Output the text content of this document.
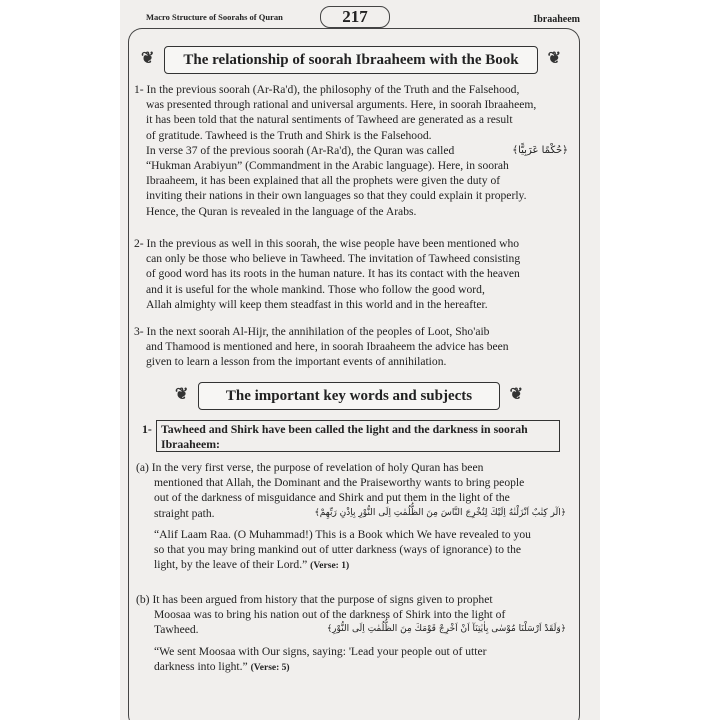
Macro Structure of Soorahs of Quran	217	Ibraaheem
❦ The relationship of soorah Ibraaheem with the Book ❦

1- In the previous soorah (Ar-Ra'd), the philosophy of the Truth and the Falsehood,

was presented through rational and universal arguments. Here, in soorah Ibraaheem,

it has been told that the natural sentiments of Tawheed are generated as a result

of gratitude. Tawheed is the Truth and Shirk is the Falsehood.

In verse 37 of the previous soorah (Ar-Ra'd), the Quran was called	﴿حُكْمًا عَرَبِيًّا﴾

“Hukman Arabiyun” (Commandment in the Arabic language). Here, in soorah

Ibraaheem, it has been explained that all the prophets were given the duty of

inviting their nations in their own languages so that they could explain it properly.

Hence, the Quran is revealed in the language of the Arabs.

2- In the previous as well in this soorah, the wise people have been mentioned who

can only be those who believe in Tawheed. The invitation of Tawheed consisting

of good word has its roots in the human nature. It has its contact with the heaven

and it is useful for the whole mankind. Those who follow the good word,

Allah almighty will keep them steadfast in this world and in the hereafter.

3- In the next soorah Al-Hijr, the annihilation of the peoples of Loot, Sho'aib

and Thamood is mentioned and here, in soorah Ibraaheem the advice has been

given to learn a lesson from the important events of annihilation.

❦ The important key words and subjects ❦
1- Tawheed and Shirk have been called the light and the darkness in soorah
Ibraaheem:

(a) In the very first verse, the purpose of revelation of holy Quran has been

mentioned that Allah, the Dominant and the Praiseworthy wants to bring people

out of the darkness of misguidance and Shirk and put them in the light of the

straight path.	﴿الٓر كِتٰبٌ اَنْزَلْنٰهُ اِلَيْكَ لِتُخْرِجَ النَّاسَ مِنَ الظُّلُمٰتِ اِلَى النُّوْرِ بِاِذْنِ رَبِّهِمْ﴾

“Alif Laam Raa. (O Muhammad!) This is a Book which We have revealed to you

so that you may bring mankind out of utter darkness (ways of ignorance) to the

light, by the leave of their Lord.” (Verse: 1)

(b) It has been argued from history that the purpose of signs given to prophet

Moosaa was to bring his nation out of the darkness of Shirk into the light of

Tawheed.	﴿وَلَقَدْ اَرْسَلْنَا مُوْسٰى بِاٰيٰتِنَآ اَنْ اَخْرِجْ قَوْمَكَ مِنَ الظُّلُمٰتِ اِلَى النُّوْرِ﴾

“We sent Moosaa with Our signs, saying: 'Lead your people out of utter

darkness into light.” (Verse: 5)
